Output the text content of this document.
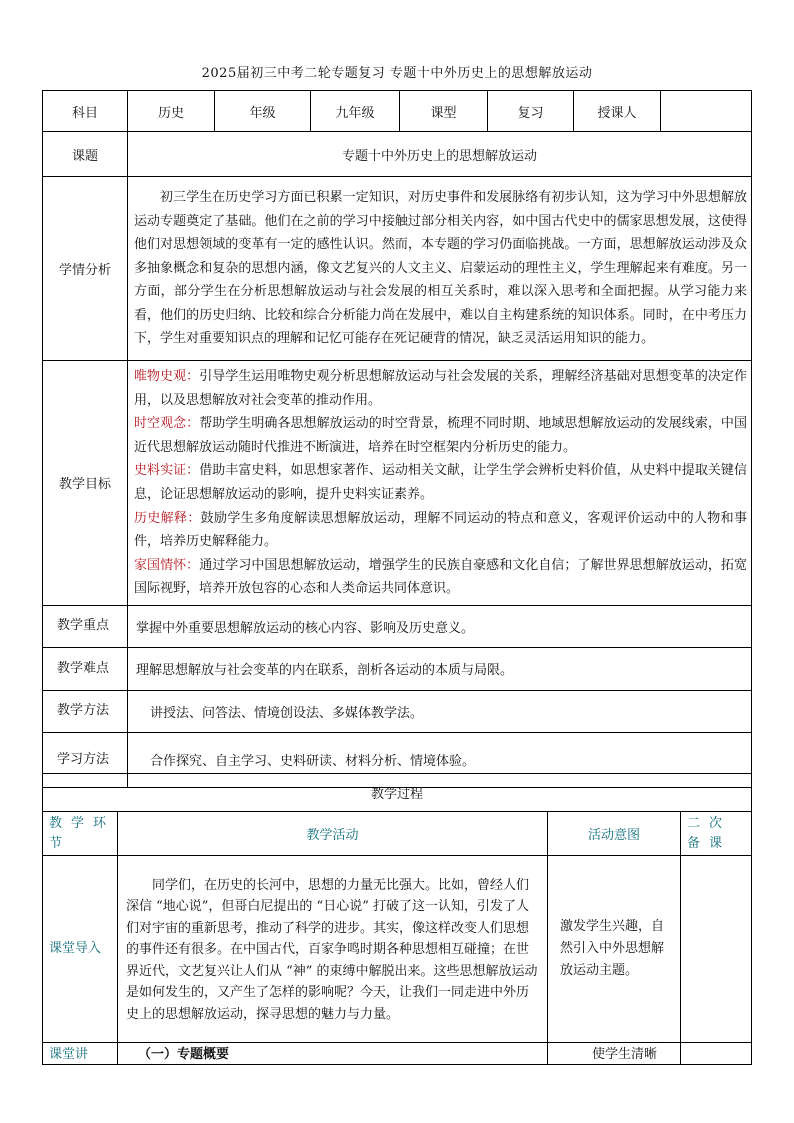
2025届初三中考二轮专题复习 专题十中外历史上的思想解放运动
科目	历史	年级	九年级	课型	复习	授课人	
课题	专题十中外历史上的思想解放运动						
学情分析	初三学生在历史学习方面已积累一定知识，对历史事件和发展脉络有初步认知，这为学习中外思想解放运动专题奠定了基础。他们在之前的学习中接触过部分相关内容，如中国古代史中的儒家思想发展，这使得他们对思想领域的变革有一定的感性认识。然而，本专题的学习仍面临挑战。一方面，思想解放运动涉及众多抽象概念和复杂的思想内涵，像文艺复兴的人文主义、启蒙运动的理性主义，学生理解起来有难度。另一方面，部分学生在分析思想解放运动与社会发展的相互关系时，难以深入思考和全面把握。从学习能力来看，他们的历史归纳、比较和综合分析能力尚在发展中，难以自主构建系统的知识体系。同时，在中考压力下，学生对重要知识点的理解和记忆可能存在死记硬背的情况，缺乏灵活运用知识的能力。						
教学目标	唯物史观：引导学生运用唯物史观分析思想解放运动与社会发展的关系，理解经济基础对思想变革的决定作用，以及思想解放对社会变革的推动作用。
时空观念：帮助学生明确各思想解放运动的时空背景，梳理不同时期、地域思想解放运动的发展线索，中国近代思想解放运动随时代推进不断演进，培养在时空框架内分析历史的能力。
史料实证：借助丰富史料，如思想家著作、运动相关文献，让学生学会辨析史料价值，从史料中提取关键信息，论证思想解放运动的影响，提升史料实证素养。
历史解释：鼓励学生多角度解读思想解放运动，理解不同运动的特点和意义，客观评价运动中的人物和事件，培养历史解释能力。
家国情怀：通过学习中国思想解放运动，增强学生的民族自豪感和文化自信；了解世界思想解放运动，拓宽国际视野，培养开放包容的心态和人类命运共同体意识。						

教学重点	掌握中外重要思想解放运动的核心内容、影响及历史意义。						
教学难点	理解思想解放与社会变革的内在联系，剖析各运动的本质与局限。						
教学方法	讲授法、问答法、情境创设法、多媒体教学法。						
学习方法	合作探究、自主学习、史料研读、材料分析、情境体验。						
教学过程			
教学环节	教学活动	活动意图	二次备课
课堂导入	同学们，在历史的长河中，思想的力量无比强大。比如，曾经人们深信 “地心说”，但哥白尼提出的 “日心说” 打破了这一认知，引发了人们对宇宙的重新思考，推动了科学的进步。其实，像这样改变人们思想的事件还有很多。在中国古代，百家争鸣时期各种思想相互碰撞；在世界近代，文艺复兴让人们从 “神” 的束缚中解脱出来。这些思想解放运动是如何发生的，又产生了怎样的影响呢？今天，让我们一同走进中外历史上的思想解放运动，探寻思想的魅力与力量。	激发学生兴趣，自然引入中外思想解放运动主题。	
课堂讲	（一）专题概要	使学生清晰	
